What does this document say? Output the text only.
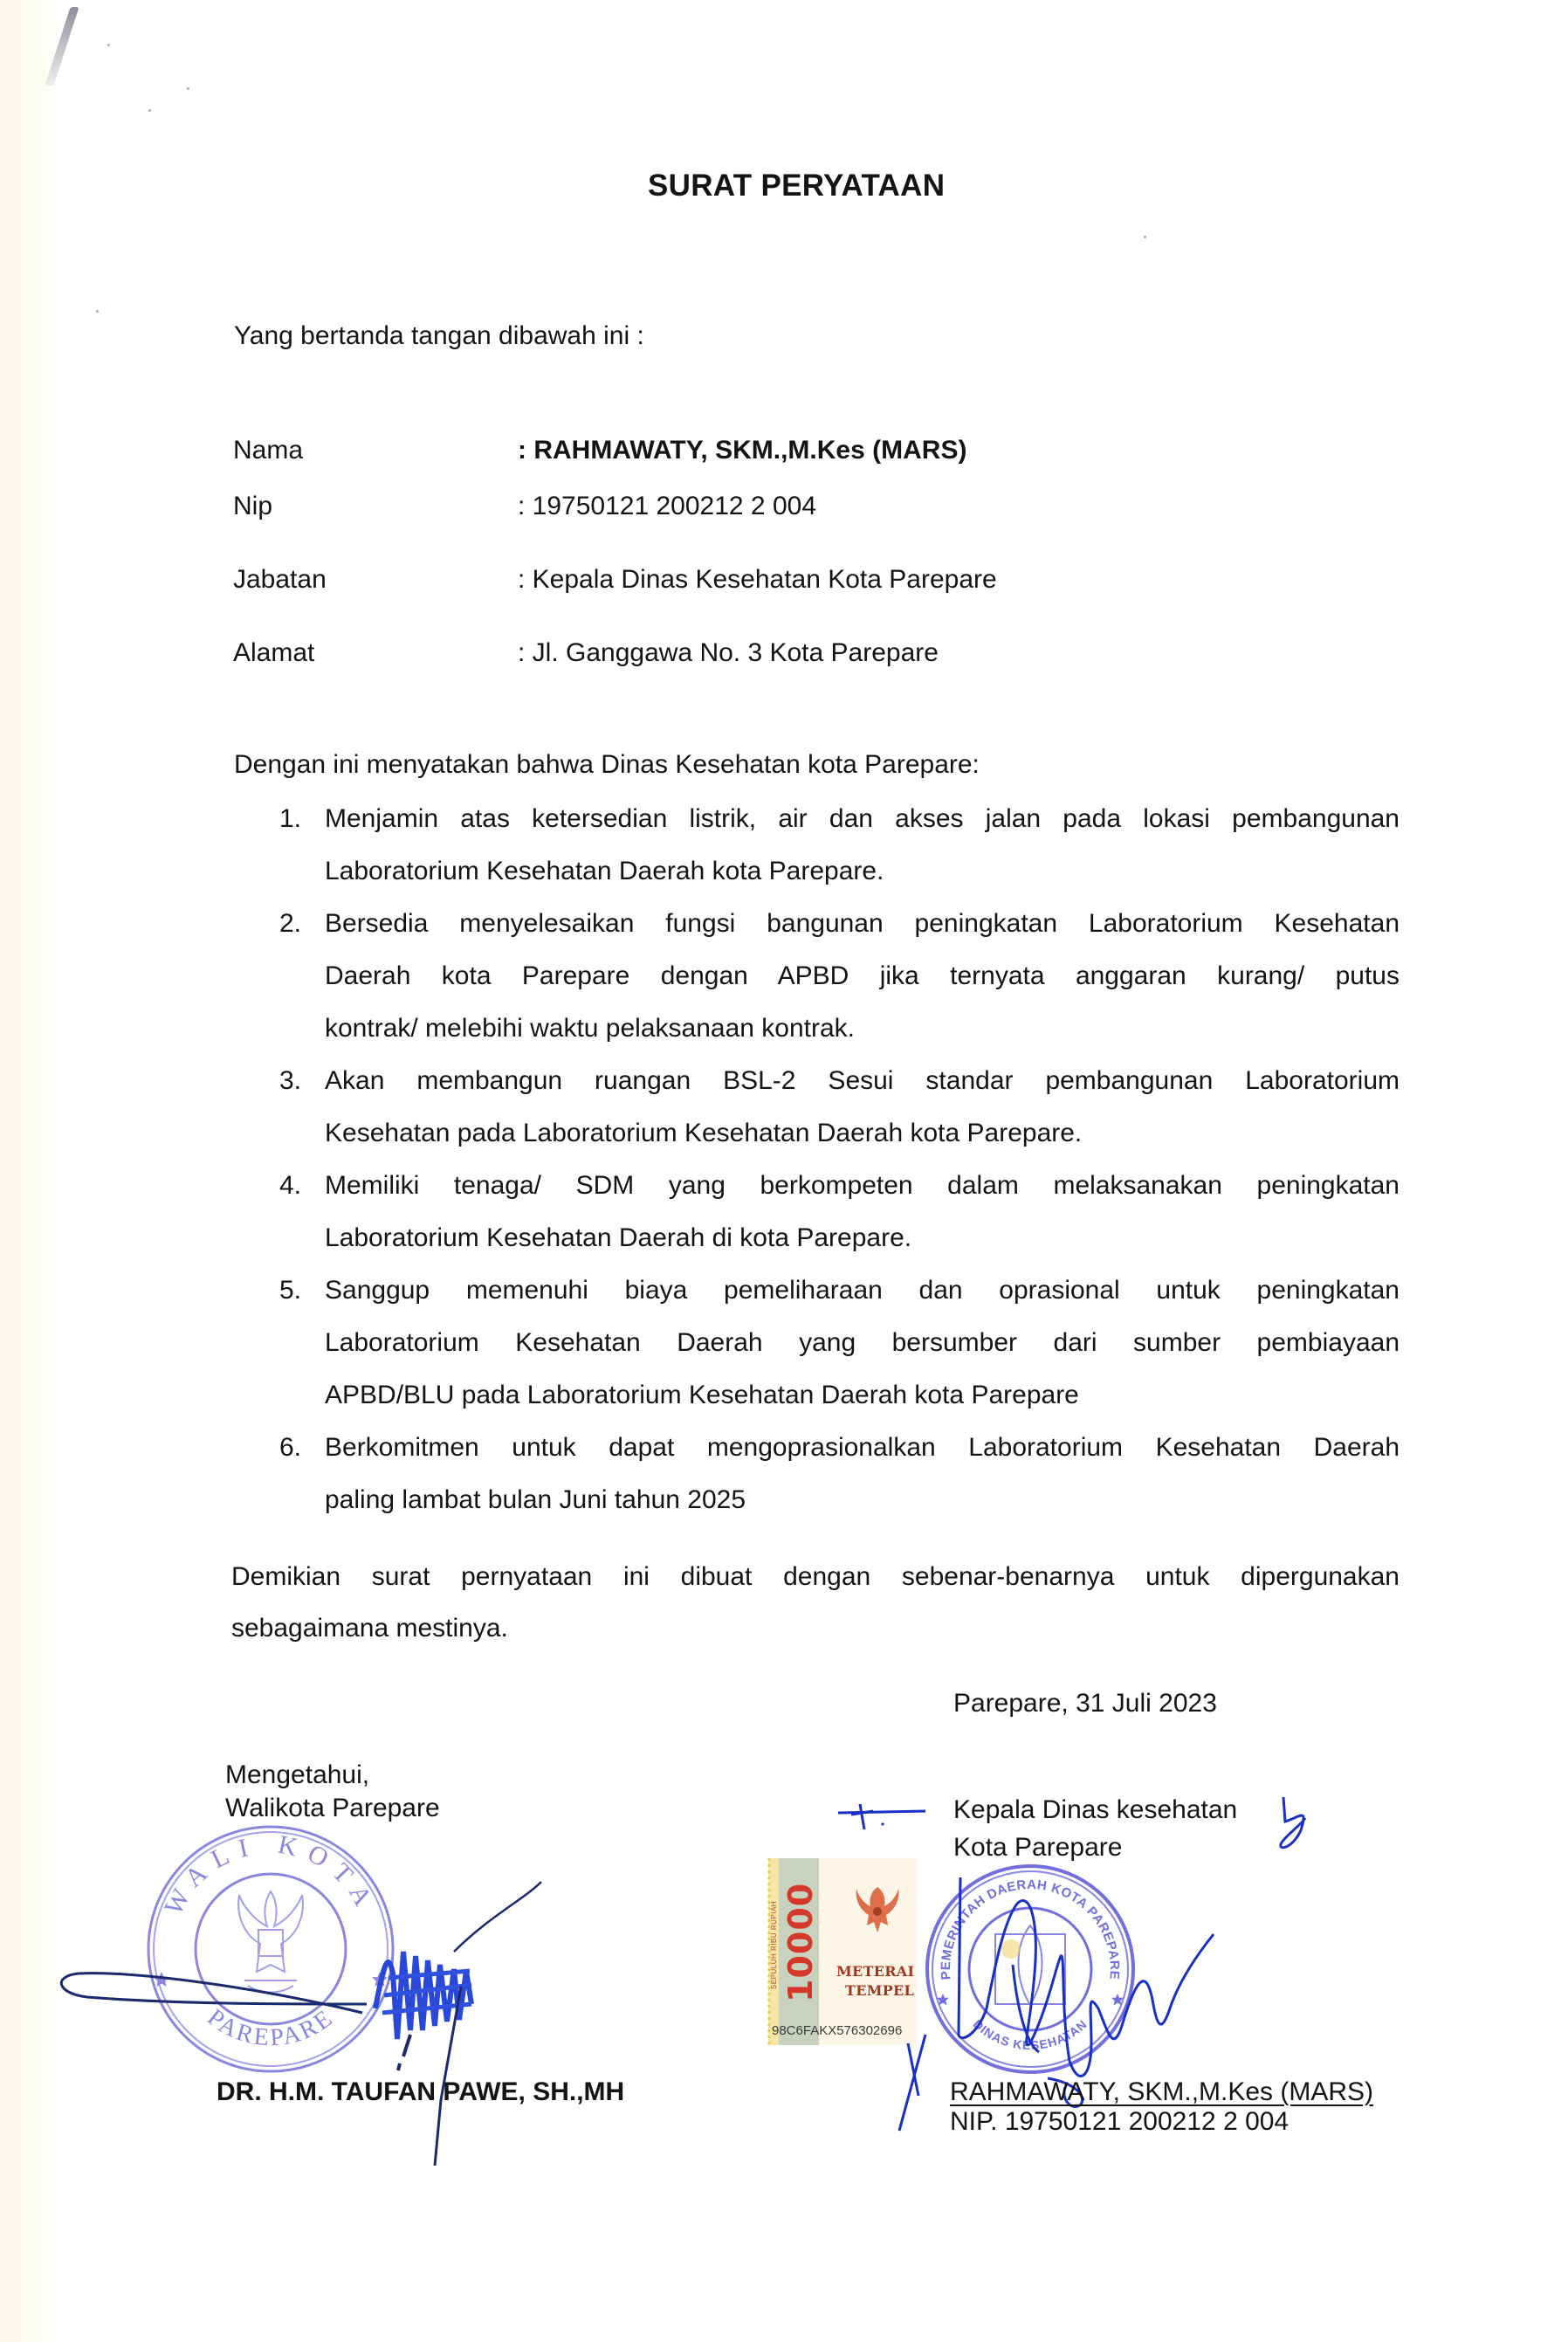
SURAT PERYATAAN
Yang bertanda tangan dibawah ini :
Nama	: RAHMAWATY, SKM.,M.Kes (MARS)
Nip	: 19750121 200212 2 004
Jabatan	: Kepala Dinas Kesehatan Kota Parepare
Alamat	: Jl. Ganggawa No. 3 Kota Parepare
Dengan ini menyatakan bahwa Dinas Kesehatan kota Parepare:
1. Menjamin atas ketersedian listrik, air dan akses jalan pada lokasi pembangunan
Laboratorium Kesehatan Daerah kota Parepare.
2. Bersedia menyelesaikan fungsi bangunan peningkatan Laboratorium Kesehatan
Daerah kota Parepare dengan APBD jika ternyata anggaran kurang/ putus
kontrak/ melebihi waktu pelaksanaan kontrak.
3. Akan membangun ruangan BSL-2 Sesui standar pembangunan Laboratorium
Kesehatan pada Laboratorium Kesehatan Daerah kota Parepare.
4. Memiliki tenaga/ SDM yang berkompeten dalam melaksanakan peningkatan
Laboratorium Kesehatan Daerah di kota Parepare.
5. Sanggup memenuhi biaya pemeliharaan dan oprasional untuk peningkatan
Laboratorium Kesehatan Daerah yang bersumber dari sumber pembiayaan
APBD/BLU pada Laboratorium Kesehatan Daerah kota Parepare
6. Berkomitmen untuk dapat mengoprasionalkan Laboratorium Kesehatan Daerah
paling lambat bulan Juni tahun 2025
Demikian surat pernyataan ini dibuat dengan sebenar-benarnya untuk dipergunakan
sebagaimana mestinya.
Parepare, 31 Juli 2023
Mengetahui,
Walikota Parepare	Kepala Dinas kesehatan
Kota Parepare
WALI KOTA
PAREPARE
SEPULUH RIBU RUPIAH 10000 METERAI
TEMPEL
98C6FAKX576302696
PEMERINTAH DAERAH KOTA PAREPARE
DINAS KESEHATAN
DR. H.M. TAUFAN PAWE, SH.,MH	RAHMAWATY, SKM.,M.Kes (MARS)
NIP. 19750121 200212 2 004
